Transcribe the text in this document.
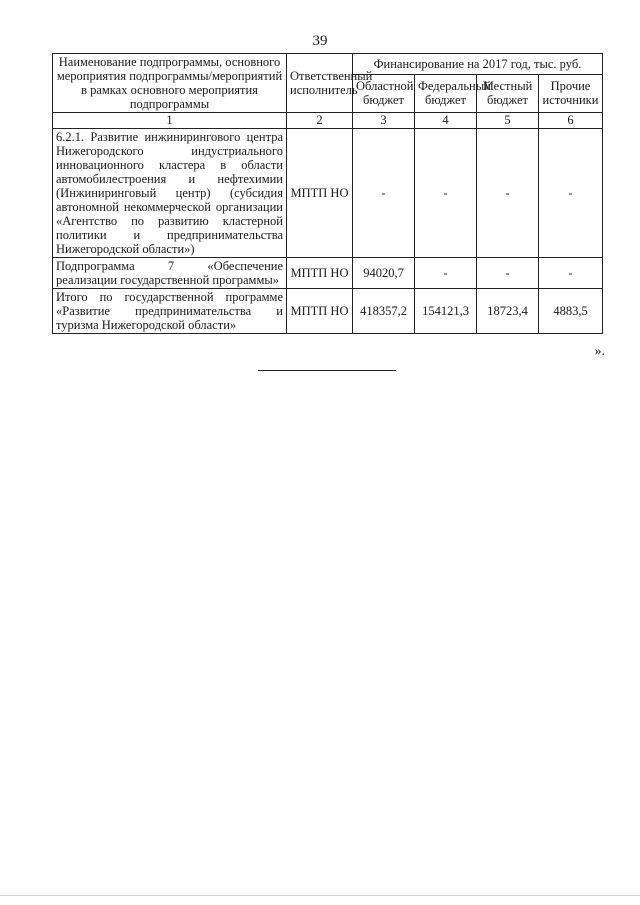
39
Наименование подпрограммы, основного мероприятия подпрограммы/мероприятий в рамках основного мероприятия подпрограммы	Ответственный исполнитель	Финансирование на 2017 год, тыс. руб.			
		Областной бюджет	Федеральный бюджет	Местный бюджет	Прочие источники
1	2	3	4	5	6
6.2.1. Развитие инжинирингового центра Нижегородского индустриального инновационного кластера в области автомобилестроения и нефтехимии (Инжиниринговый центр) (субсидия автономной некоммерческой организации «Агентство по развитию кластерной политики и предпринимательства Нижегородской области»)	МПТП НО	-	-	-	-
Подпрограмма 7 «Обеспечение реализации государственной программы»	МПТП НО	94020,7	-	-	-
Итого по государственной программе «Развитие предпринимательства и туризма Нижегородской области»	МПТП НО	418357,2	154121,3	18723,4	4883,5
».
